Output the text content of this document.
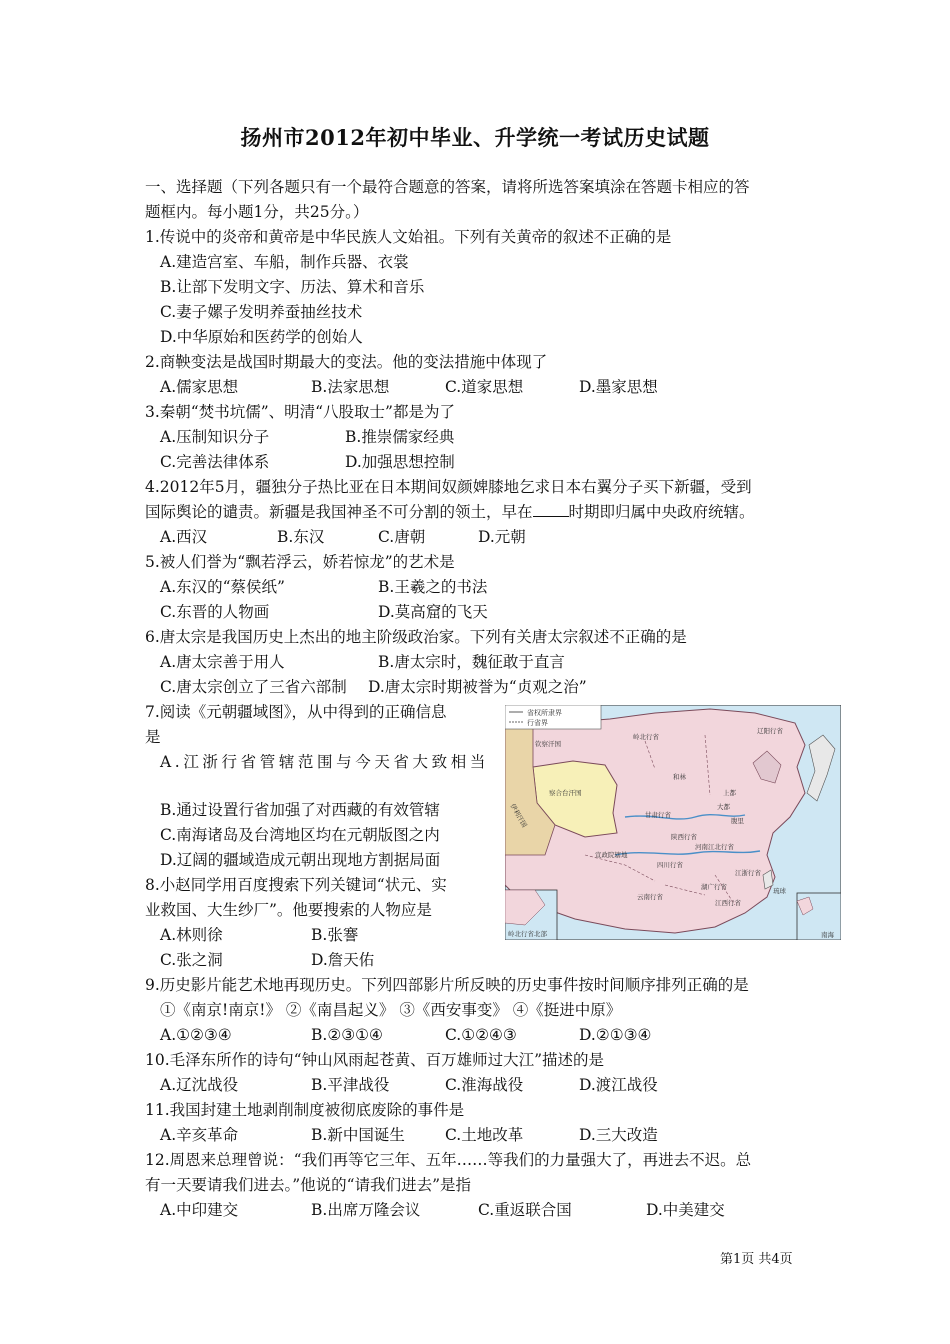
扬州市2012年初中毕业、升学统一考试历史试题
一、选择题（下列各题只有一个最符合题意的答案，请将所选答案填涂在答题卡相应的答
题框内。每小题1分，共25分。）
1.传说中的炎帝和黄帝是中华民族人文始祖。下列有关黄帝的叙述不正确的是
A.建造宫室、车船，制作兵器、衣裳
B.让部下发明文字、历法、算术和音乐
C.妻子嫘子发明养蚕抽丝技术
D.中华原始和医药学的创始人
2.商鞅变法是战国时期最大的变法。他的变法措施中体现了
A.儒家思想	B.法家思想	C.道家思想	D.墨家思想
3.秦朝“焚书坑儒”、明清“八股取士”都是为了
A.压制知识分子	B.推崇儒家经典
C.完善法律体系	D.加强思想控制
4.2012年5月，疆独分子热比亚在日本期间奴颜婢膝地乞求日本右翼分子买下新疆，受到
国际舆论的谴责。新疆是我国神圣不可分割的领土，早在 时期即归属中央政府统辖。
A.西汉	B.东汉	C.唐朝	D.元朝
5.被人们誉为“飘若浮云，娇若惊龙”的艺术是
A.东汉的“蔡侯纸”	B.王羲之的书法
C.东晋的人物画	D.莫高窟的飞天
6.唐太宗是我国历史上杰出的地主阶级政治家。下列有关唐太宗叙述不正确的是
A.唐太宗善于用人	B.唐太宗时，魏征敢于直言
C.唐太宗创立了三省六部制 D.唐太宗时期被誉为“贞观之治”
7.阅读《元朝疆域图》，从中得到的正确信息
是
A.江浙行省管辖范围与今天省大致相当
B.通过设置行省加强了对西藏的有效管辖
C.南海诸岛及台湾地区均在元朝版图之内
D.辽阔的疆域造成元朝出现地方割据局面
8.小赵同学用百度搜索下列关键词“状元、实
业救国、大生纱厂”。他要搜索的人物应是
A.林则徐	B.张謇
C.张之洞	D.詹天佑
9.历史影片能艺术地再现历史。下列四部影片所反映的历史事件按时间顺序排列正确的是
①《南京!南京!》 ②《南昌起义》 ③《西安事变》 ④《挺进中原》
A.①②③④	B.②③①④	C.①②④③	D.②①③④
10.毛泽东所作的诗句“钟山风雨起苍黄、百万雄师过大江”描述的是
A.辽沈战役	B.平津战役	C.淮海战役	D.渡江战役
11.我国封建土地剥削制度被彻底废除的事件是
A.辛亥革命	B.新中国诞生	C.土地改革	D.三大改造
12.周恩来总理曾说：“我们再等它三年、五年……等我们的力量强大了，再进去不迟。总
有一天要请我们进去。”他说的“请我们进去”是指
A.中印建交	B.出席万隆会议	C.重返联合国	D.中美建交
省权所隶界
行省界
钦察汗国
岭北行省
辽阳行省
察合台汗国
和林
大都
上都
腹里
甘肃行省
陕西行省
河南江北行省
宣政院辖地
四川行省
江浙行省
湖广行省
江西行省
云南行省
伊利汗国
琉球
岭北行省北部	南海
第1页 共4页
